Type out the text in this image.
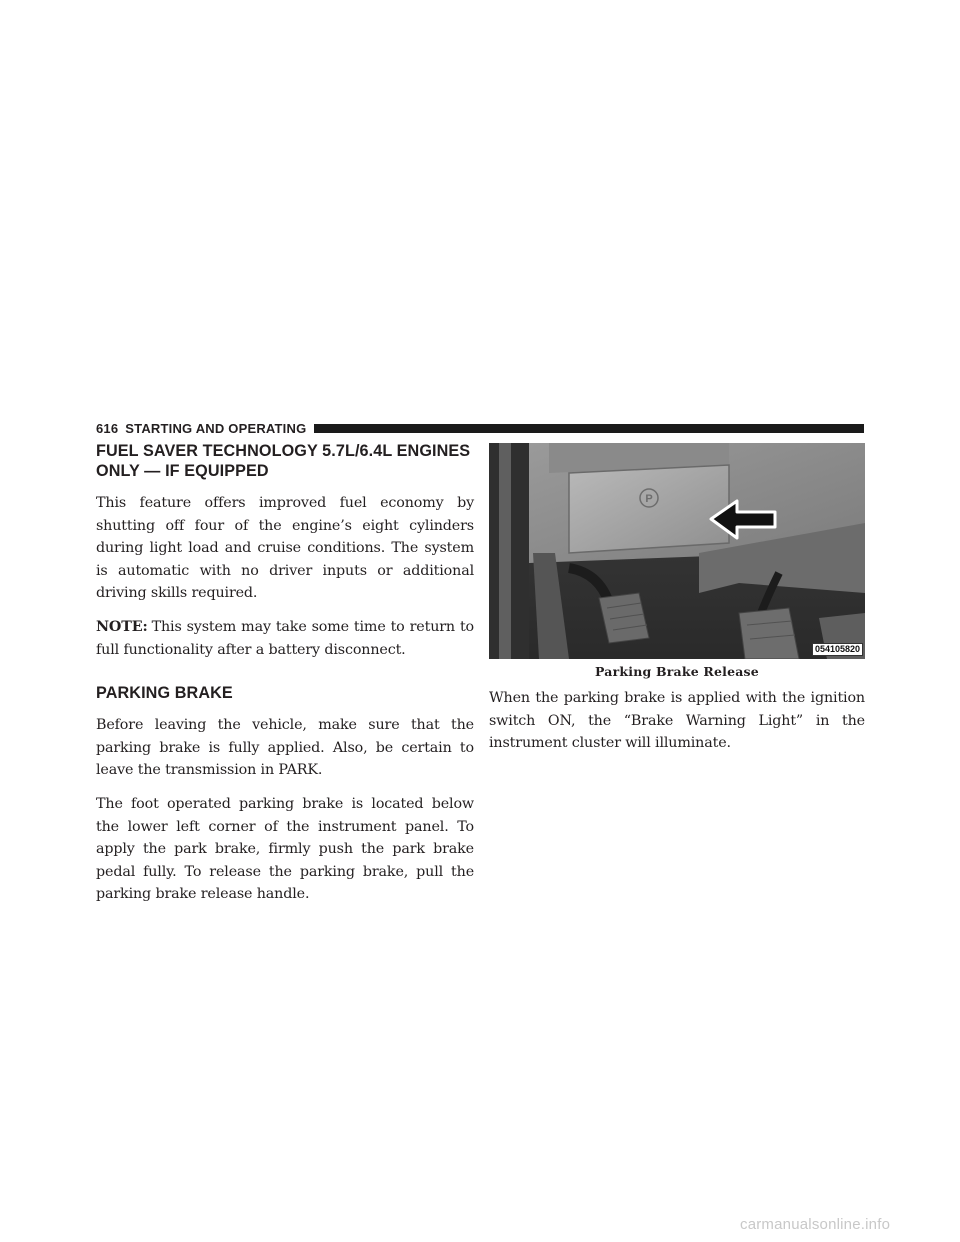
616 STARTING AND OPERATING
FUEL SAVER TECHNOLOGY 5.7L/6.4L ENGINES
ONLY — IF EQUIPPED

This feature offers improved fuel economy by shutting off four of the engine’s eight cylinders during light load and cruise conditions. The system is automatic with no driver inputs or additional driving skills required.

NOTE: This system may take some time to return to full functionality after a battery disconnect.

PARKING BRAKE

Before leaving the vehicle, make sure that the parking brake is fully applied. Also, be certain to leave the transmission in PARK.

The foot operated parking brake is located below the lower left corner of the instrument panel. To apply the park brake, firmly push the park brake pedal fully. To release the parking brake, pull the parking brake release handle.

P
054105820
Parking Brake Release

When the parking brake is applied with the ignition switch ON, the “Brake Warning Light” in the instrument cluster will illuminate.

carmanualsonline.info
